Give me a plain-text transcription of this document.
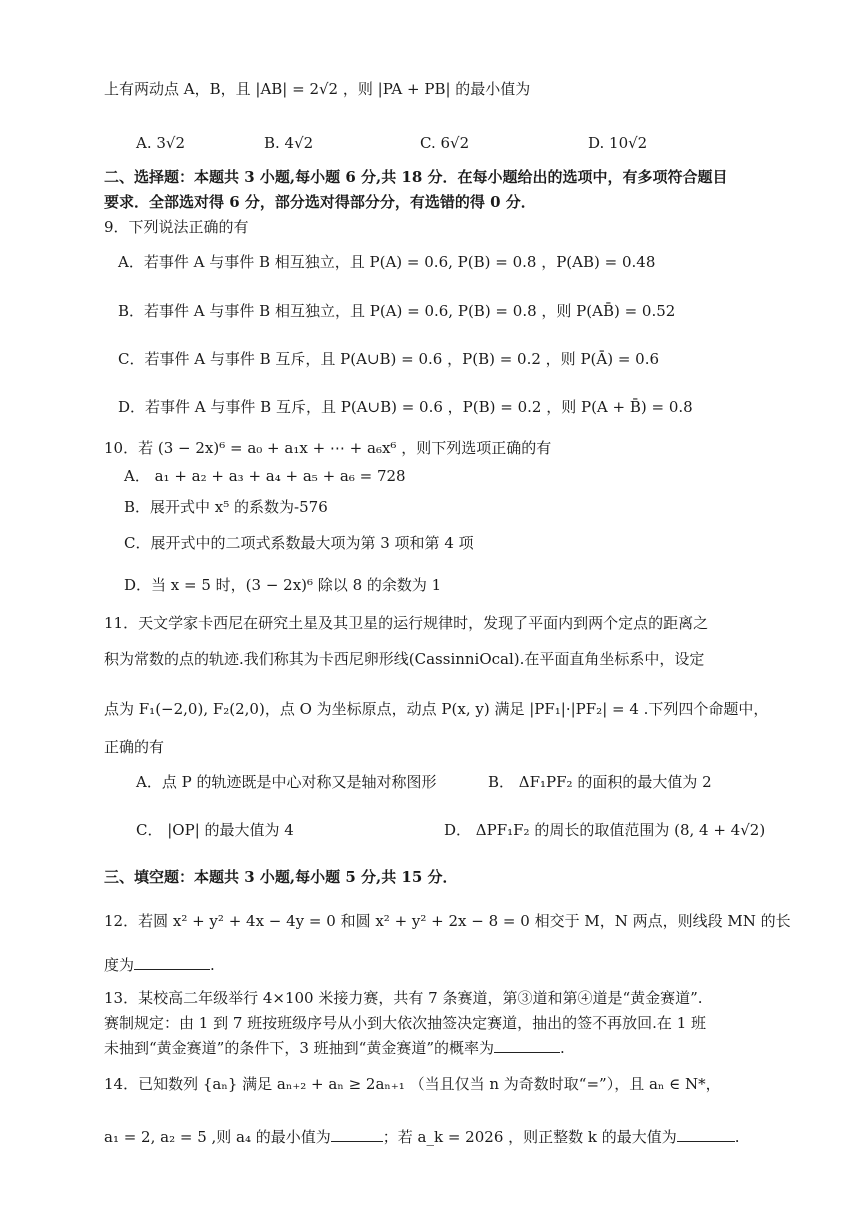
上有两动点 A，B，且 |AB| = 2√2 ，则 |PA + PB| 的最小值为
A. 3√2	B. 4√2	C. 6√2	D. 10√2
二、选择题：本题共 3 小题,每小题 6 分,共 18 分．在每小题给出的选项中，有多项符合题目
要求．全部选对得 6 分，部分选对得部分分，有选错的得 0 分．
9．下列说法正确的有
A．若事件 A 与事件 B 相互独立，且 P(A) = 0.6, P(B) = 0.8 ，P(AB) = 0.48
B．若事件 A 与事件 B 相互独立，且 P(A) = 0.6, P(B) = 0.8 ，则 P(AB̄) = 0.52
C．若事件 A 与事件 B 互斥，且 P(A∪B) = 0.6 ，P(B) = 0.2 ，则 P(Ā) = 0.6
D．若事件 A 与事件 B 互斥，且 P(A∪B) = 0.6 ，P(B) = 0.2 ，则 P(A + B̄) = 0.8
10．若 (3 − 2x)⁶ = a₀ + a₁x + ⋯ + a₆x⁶ ，则下列选项正确的有
A． a₁ + a₂ + a₃ + a₄ + a₅ + a₆ = 728
B．展开式中 x⁵ 的系数为-576
C．展开式中的二项式系数最大项为第 3 项和第 4 项
D．当 x = 5 时，(3 − 2x)⁶ 除以 8 的余数为 1
11．天文学家卡西尼在研究土星及其卫星的运行规律时，发现了平面内到两个定点的距离之
积为常数的点的轨迹.我们称其为卡西尼卵形线(CassinniOcal).在平面直角坐标系中，设定
点为 F₁(−2,0), F₂(2,0)，点 O 为坐标原点，动点 P(x, y) 满足 |PF₁|·|PF₂| = 4 .下列四个命题中，
正确的有
A．点 P 的轨迹既是中心对称又是轴对称图形	B． ΔF₁PF₂ 的面积的最大值为 2
C． |OP| 的最大值为 4	D． ΔPF₁F₂ 的周长的取值范围为 (8, 4 + 4√2)
三、填空题：本题共 3 小题,每小题 5 分,共 15 分．
12．若圆 x² + y² + 4x − 4y = 0 和圆 x² + y² + 2x − 8 = 0 相交于 M，N 两点，则线段 MN 的长
度为	.
13．某校高二年级举行 4×100 米接力赛，共有 7 条赛道，第③道和第④道是“黄金赛道”.
赛制规定：由 1 到 7 班按班级序号从小到大依次抽签决定赛道，抽出的签不再放回.在 1 班
未抽到“黄金赛道”的条件下，3 班抽到“黄金赛道”的概率为	.
14．已知数列 {aₙ} 满足 aₙ₊₂ + aₙ ≥ 2aₙ₊₁ （当且仅当 n 为奇数时取“=”），且 aₙ ∈ N*，
a₁ = 2, a₂ = 5 ,则 a₄ 的最小值为	；若 a_k = 2026 ，则正整数 k 的最大值为	.
